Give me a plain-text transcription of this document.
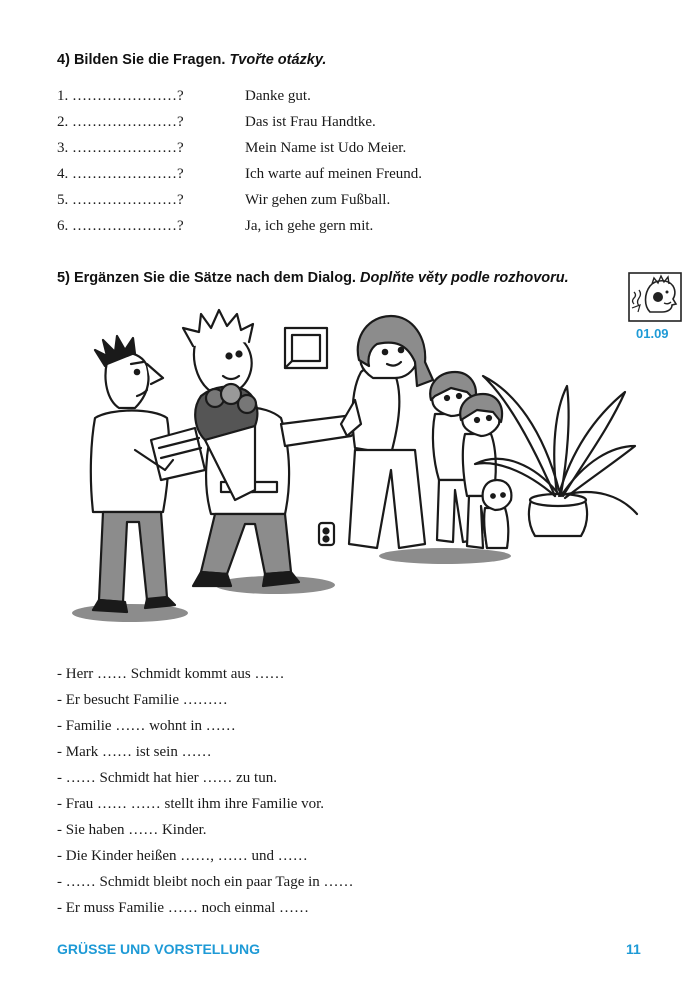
4) Bilden Sie die Fragen. Tvořte otázky.
1. …………………?	Danke gut.
2. …………………?	Das ist Frau Handtke.
3. …………………?	Mein Name ist Udo Meier.
4. …………………?	Ich warte auf meinen Freund.
5. …………………?	Wir gehen zum Fußball.
6. …………………?	Ja, ich gehe gern mit.
5) Ergänzen Sie die Sätze nach dem Dialog. Doplňte věty podle rozhovoru.
01.09
- Herr …… Schmidt kommt aus ……
- Er besucht Familie ………
- Familie …… wohnt in ……
- Mark …… ist sein ……
- …… Schmidt hat hier …… zu tun.
- Frau …… …… stellt ihm ihre Familie vor.
- Sie haben …… Kinder.
- Die Kinder heißen ……, …… und ……
- …… Schmidt bleibt noch ein paar Tage in ……
- Er muss Familie …… noch einmal ……
GRÜSSE UND VORSTELLUNG	11
